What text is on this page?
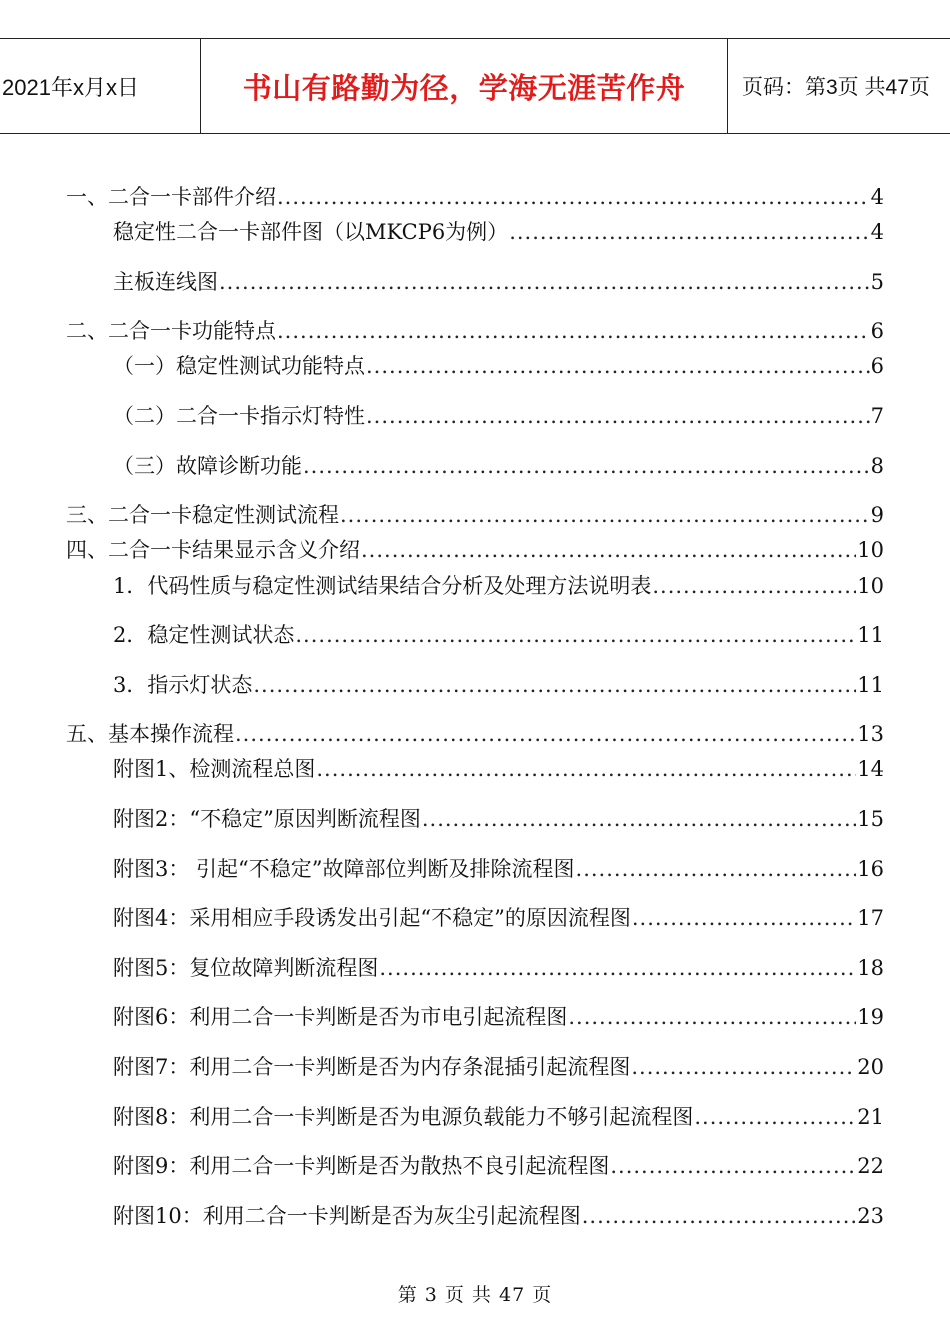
2021年x月x日	书山有路勤为径，学海无涯苦作舟	页码：第3页 共47页
一、二合一卡部件介绍 .....	4
稳定性二合一卡部件图（以MKCP6为例） .....	4
主板连线图 .....	5
二、二合一卡功能特点 .....	6
（一）稳定性测试功能特点 .....	6
（二）二合一卡指示灯特性 .....	7
（三）故障诊断功能 .....	8
三、二合一卡稳定性测试流程 .....	9
四、二合一卡结果显示含义介绍 .....	10
1．代码性质与稳定性测试结果结合分析及处理方法说明表 .....	10
2．稳定性测试状态 .....	11
3．指示灯状态 .....	11
五、基本操作流程 .....	13
附图1、检测流程总图 .....	14
附图2：“不稳定”原因判断流程图 .....	15
附图3： 引起“不稳定”故障部位判断及排除流程图 .....	16
附图4：采用相应手段诱发出引起“不稳定”的原因流程图 .....	17
附图5：复位故障判断流程图 .....	18
附图6：利用二合一卡判断是否为市电引起流程图 .....	19
附图7：利用二合一卡判断是否为内存条混插引起流程图 .....	20
附图8：利用二合一卡判断是否为电源负载能力不够引起流程图 .....	21
附图9：利用二合一卡判断是否为散热不良引起流程图 .....	22
附图10：利用二合一卡判断是否为灰尘引起流程图 .....	23
第 3 页 共 47 页
